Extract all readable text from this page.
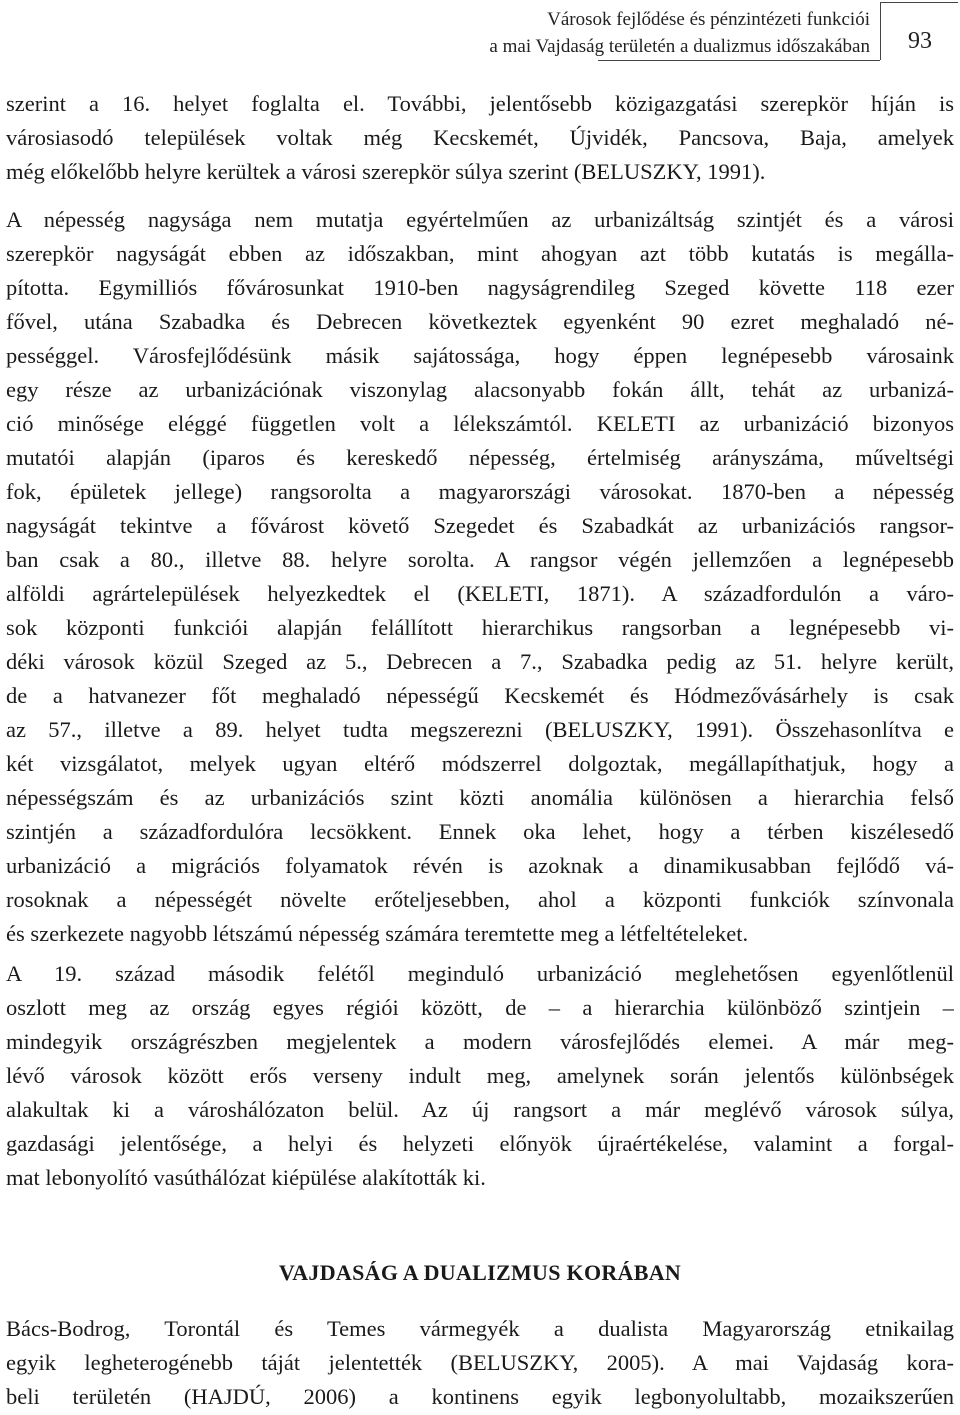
Városok fejlődése és pénzintézeti funkciói
a mai Vajdaság területén a dualizmus időszakában	93

szerint a 16. helyet foglalta el. További, jelentősebb közigazgatási szerepkör híján is
városiasodó települések voltak még Kecskemét, Újvidék, Pancsova, Baja, amelyek
még előkelőbb helyre kerültek a városi szerepkör súlya szerint (BELUSZKY, 1991).

A népesség nagysága nem mutatja egyértelműen az urbanizáltság szintjét és a városi
szerepkör nagyságát ebben az időszakban, mint ahogyan azt több kutatás is megálla-
pította. Egymilliós fővárosunkat 1910-ben nagyságrendileg Szeged követte 118 ezer
fővel, utána Szabadka és Debrecen következtek egyenként 90 ezret meghaladó né-
pességgel. Városfejlődésünk másik sajátossága, hogy éppen legnépesebb városaink
egy része az urbanizációnak viszonylag alacsonyabb fokán állt, tehát az urbanizá-
ció minősége eléggé független volt a lélekszámtól. KELETI az urbanizáció bizonyos
mutatói alapján (iparos és kereskedő népesség, értelmiség arányszáma, műveltségi
fok, épületek jellege) rangsorolta a magyarországi városokat. 1870-ben a népesség
nagyságát tekintve a fővárost követő Szegedet és Szabadkát az urbanizációs rangsor-
ban csak a 80., illetve 88. helyre sorolta. A rangsor végén jellemzően a legnépesebb
alföldi agrártelepülések helyezkedtek el (KELETI, 1871). A századfordulón a váro-
sok központi funkciói alapján felállított hierarchikus rangsorban a legnépesebb vi-
déki városok közül Szeged az 5., Debrecen a 7., Szabadka pedig az 51. helyre került,
de a hatvanezer főt meghaladó népességű Kecskemét és Hódmezővásárhely is csak
az 57., illetve a 89. helyet tudta megszerezni (BELUSZKY, 1991). Összehasonlítva e
két vizsgálatot, melyek ugyan eltérő módszerrel dolgoztak, megállapíthatjuk, hogy a
népességszám és az urbanizációs szint közti anomália különösen a hierarchia felső
szintjén a századfordulóra lecsökkent. Ennek oka lehet, hogy a térben kiszélesedő
urbanizáció a migrációs folyamatok révén is azoknak a dinamikusabban fejlődő vá-
rosoknak a népességét növelte erőteljesebben, ahol a központi funkciók színvonala
és szerkezete nagyobb létszámú népesség számára teremtette meg a létfeltételeket.

A 19. század második felétől meginduló urbanizáció meglehetősen egyenlőtlenül
oszlott meg az ország egyes régiói között, de – a hierarchia különböző szintjein –
mindegyik országrészben megjelentek a modern városfejlődés elemei. A már meg-
lévő városok között erős verseny indult meg, amelynek során jelentős különbségek
alakultak ki a városhálózaton belül. Az új rangsort a már meglévő városok súlya,
gazdasági jelentősége, a helyi és helyzeti előnyök újraértékelése, valamint a forgal-
mat lebonyolító vasúthálózat kiépülése alakították ki.

VAJDASÁG A DUALIZMUS KORÁBAN

Bács-Bodrog, Torontál és Temes vármegyék a dualista Magyarország etnikailag
egyik legheterogénebb táját jelentették (BELUSZKY, 2005). A mai Vajdaság kora-
beli területén (HAJDÚ, 2006) a kontinens egyik legbonyolultabb, mozaikszerűen
